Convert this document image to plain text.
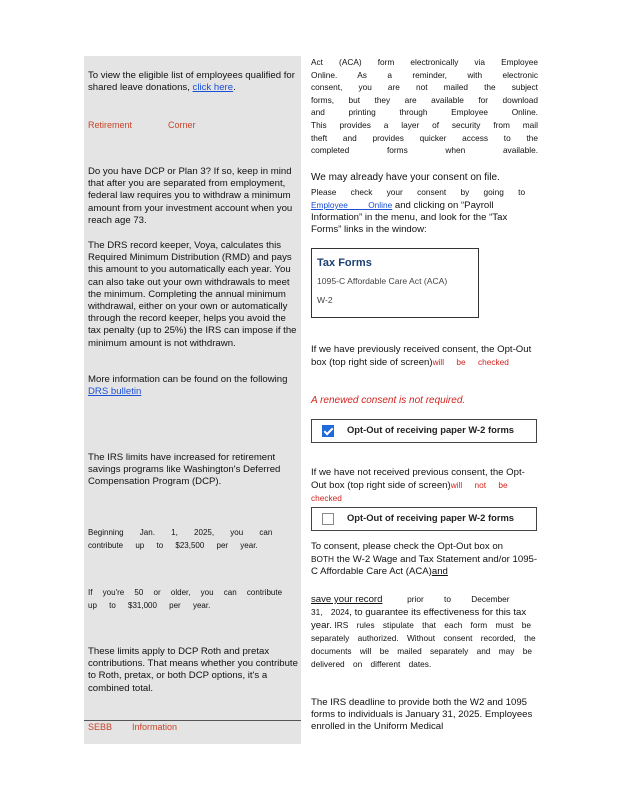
To view the eligible list of employees qualified for shared leave donations, click here.
Retirement	Corner
Do you have DCP or Plan 3? If so, keep in mind that after you are separated from employment, federal law requires you to withdraw a minimum amount from your investment account when you reach age 73.
The DRS record keeper, Voya, calculates this Required Minimum Distribution (RMD) and pays this amount to you automatically each year. You can also take out your own withdrawals to meet the minimum. Completing the annual minimum withdrawal, either on your own or automatically through the record keeper, helps you avoid the tax penalty (up to 25%) the IRS can impose if the minimum amount is not withdrawn.
More information can be found on the following DRS bulletin
The IRS limits have increased for retirement savings programs like Washington's Deferred Compensation Program (DCP).
Beginning Jan. 1, 2025, you can
contribute up to $23,500 per year.
If you're 50 or older, you can contribute
up to $31,000 per year.
These limits apply to DCP Roth and pretax contributions. That means whether you contribute to Roth, pretax, or both DCP options, it's a combined total.
SEBB Information
Act (ACA) form electronically via Employee
Online. As a reminder, with electronic
consent, you are not mailed the subject
forms, but they are available for download
and printing through Employee Online.
This provides a layer of security from mail
theft and provides quicker access to the
completed forms when available.
We may already have your consent on file.
Please check your consent by going to
Employee Online and clicking on “Payroll Information” in the menu, and look for the “Tax Forms” links in the window:
Tax Forms
1095-C Affordable Care Act (ACA)
W-2
If we have previously received consent, the Opt-Out box (top right side of screen)will be checked
A renewed consent is not required.
Opt-Out of receiving paper W-2 forms
If we have not received previous consent, the Opt-Out box (top right side of screen)will not be checked
Opt-Out of receiving paper W-2 forms
To consent, please check the Opt-Out box on
BOTH the W-2 Wage and Tax Statement and/or 1095-C Affordable Care Act (ACA)and
save your record	prior to December
31, 2024, to guarantee its effectiveness for this tax year. IRS rules stipulate that each form must be separately authorized. Without consent recorded, the documents will be mailed separately and may be delivered on different dates.
The IRS deadline to provide both the W2 and 1095 forms to individuals is January 31, 2025. Employees enrolled in the Uniform Medical
